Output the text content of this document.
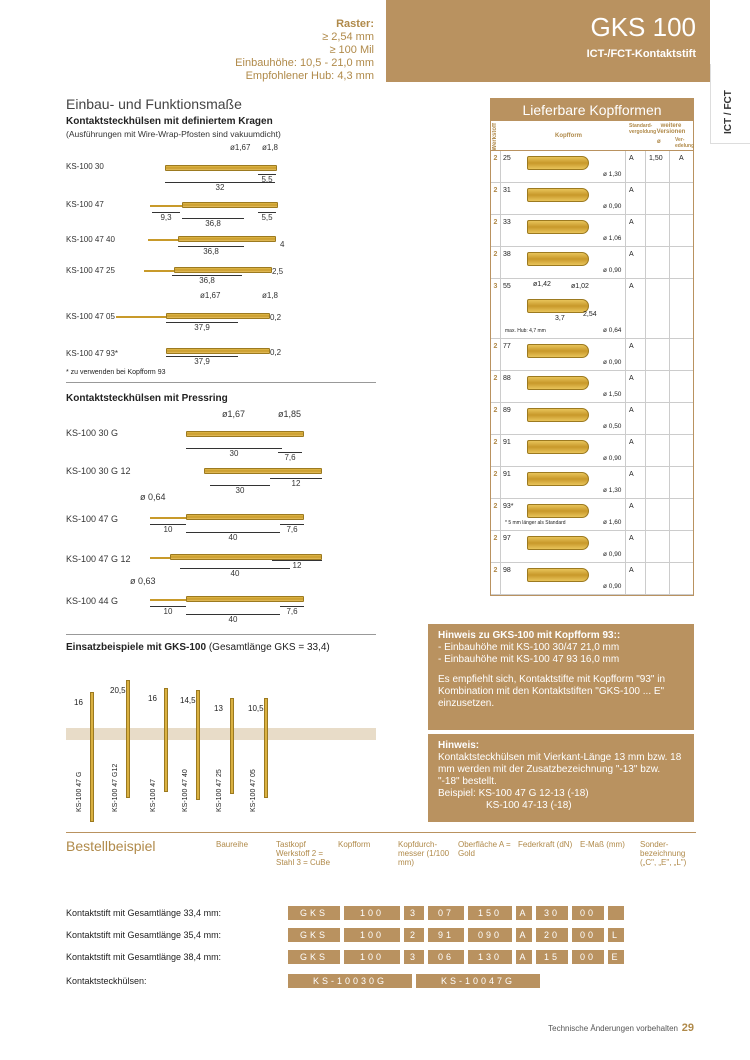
Raster:
≥ 2,54 mm
≥ 100 Mil
Einbauhöhe: 10,5 - 21,0 mm
Empfohlener Hub: 4,3 mm
GKS 100
ICT-/FCT-Kontaktstift
ICT / FCT
Einbau- und Funktionsmaße
Kontaktsteckhülsen mit definiertem Kragen
(Ausführungen mit Wire-Wrap-Pfosten sind vakuumdicht)
ø1,67 ø1,8
KS-100 30
32
5,5
KS-100 47
9,3
36,8
5,5
KS-100 47 40
36,8
4
KS-100 47 25
36,8
2,5
ø1,67	ø1,8
KS-100 47 05
37,9
0,2
KS-100 47 93*
37,9
0,2
* zu verwenden bei Kopfform 93
Kontaktsteckhülsen mit Pressring
ø1,67	ø1,85
KS-100 30 G
30	7,6
KS-100 30 G 12
30
12
ø 0,64
KS-100 47 G
10
40
7,6
KS-100 47 G 12
40
12
ø 0,63
KS-100 44 G
10
40
7,6
Lieferbare Kopfformen
Werkstoff	Kopfform
Standard-vergoldung
weitere Versionen
ø	Ver-edelung
2 25
ø 1,30
A 1,50 A
2 31
ø 0,90
A
2 33
ø 1,06
A
2 38
ø 0,90
A
3 55
ø 0,64
A
ø1,42	ø1,02
3,7
2,54
max. Hub: 4,7 mm
2 77
ø 0,90
A
2 88
ø 1,50
A
2 89
ø 0,50
A
2 91
ø 0,90
A
2 91
ø 1,30
A
2 93*
ø 1,60
A
* 5 mm länger als Standard
2 97
ø 0,90
A
2 98
ø 0,90
A
Hinweis zu GKS-100 mit Kopfform 93::
- Einbauhöhe mit KS-100 30/47 21,0 mm
- Einbauhöhe mit KS-100 47 93 16,0 mm
Es empfiehlt sich, Kontaktstifte mit Kopfform "93" in Kombination mit den Kontaktstiften "GKS-100 ... E" einzusetzen.
Hinweis:
Kontaktsteckhülsen mit Vierkant-Länge 13 mm bzw. 18 mm werden mit der Zusatzbezeichnung "-13" bzw. "-18" bestellt.
Beispiel: KS-100 47 G 12-13 (-18)
KS-100 47-13 (-18)
Einsatzbeispiele mit GKS-100 (Gesamtlänge GKS = 33,4)
16
KS-100 47 G
20,5
KS-100 47 G12
16
KS-100 47
14,5
KS-100 47 40
13
KS-100 47 25
10,5
KS-100 47 05
Bestellbeispiel	Baureihe	Tastkopf Werkstoff 2 = Stahl 3 = CuBe
Kopfform	Kopfdurch- messer (1/100 mm)
Oberfläche A = Gold
Federkraft (dN) E-Maß (mm)	Sonder- bezeichnung („C", „E", „L")
Kontaktstift mit Gesamtlänge 33,4 mm:	GKS	100	3	07	150	A	30	00
Kontaktstift mit Gesamtlänge 35,4 mm:	GKS	100	2	91	090	A	20	00	L
Kontaktstift mit Gesamtlänge 38,4 mm:	GKS	100	3	06	130	A	15	00	E
Kontaktsteckhülsen:	KS-10030G	KS-10047G
Technische Änderungen vorbehalten 29
